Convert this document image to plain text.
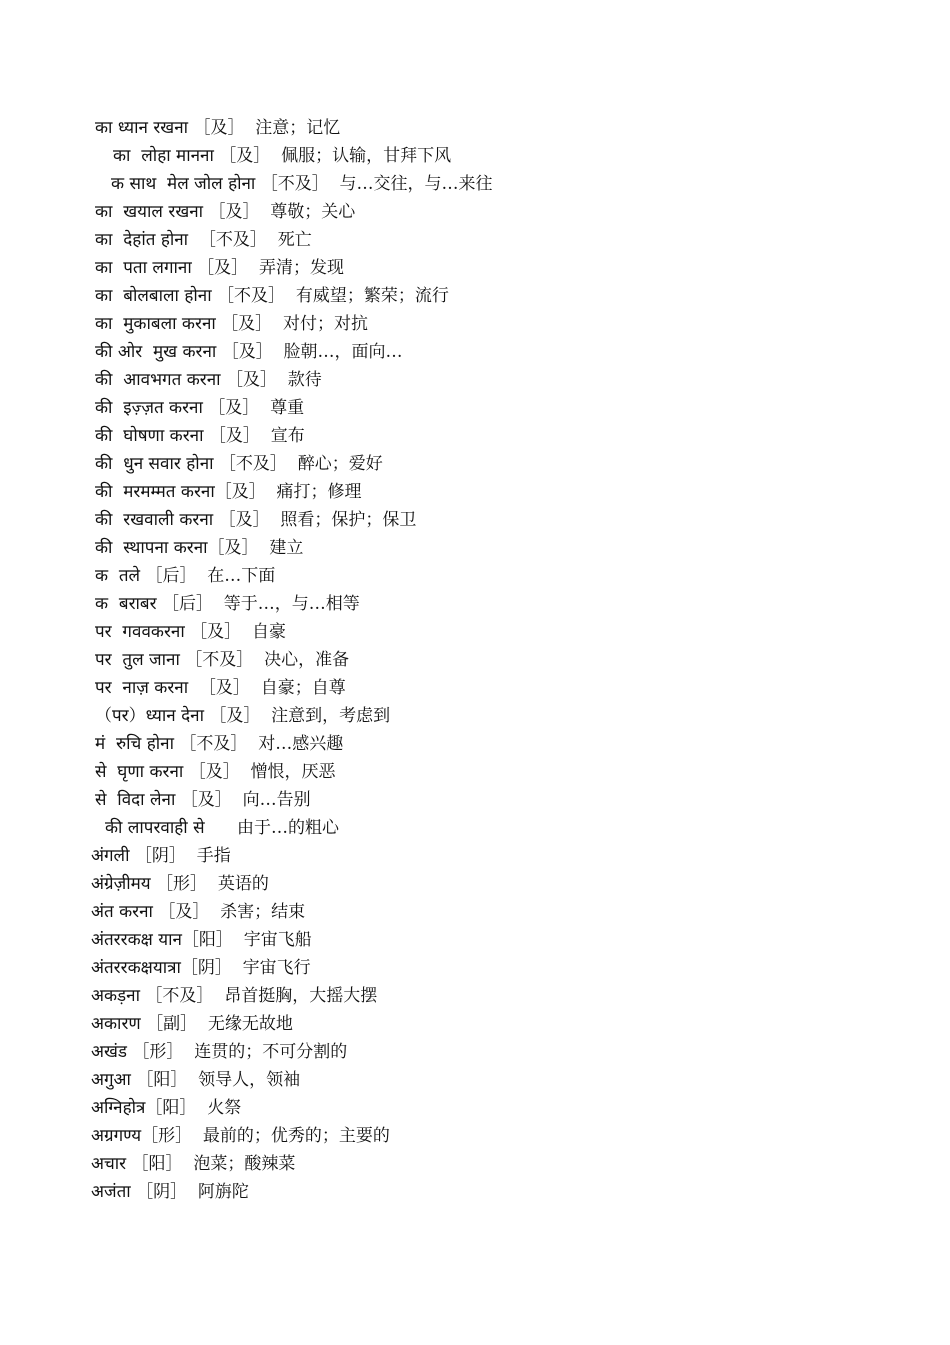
का ध्‍यान रखना ［及］  注意；记忆
का  लोहा मानना ［及］  佩服；认输，甘拜下风
क साथ  मेल जोल होना ［不及］  与…交往，与…来往
का  खयाल रखना ［及］  尊敬；关心
का  देहांत होना  ［不及］  死亡
का  पता लगाना ［及］  弄清；发现
का  बोलबाला होना ［不及］  有威望；繁荣；流行
का  मुकाबला करना ［及］  对付；对抗
की ओर  मुख करना ［及］  脸朝…，面向…
की  आवभगत करना ［及］  款待
की  इज़्ज़त करना ［及］  尊重
की  घोषणा करना ［及］  宣布
की  धुन सवार होना ［不及］  醉心；爱好
की  मरमम्‍मत करना［及］  痛打；修理
की  रखवाली करना ［及］  照看；保护；保卫
की  स्‍थापना करना［及］  建立
क  तले ［后］  在…下面
क  बराबर ［后］  等于…，与…相等
पर  गववकरना ［及］  自豪
पर  तुल जाना ［不及］  决心，准备
पर  नाज़ करना  ［及］  自豪；自尊
（पर）ध्‍यान देना ［及］  注意到，考虑到
मं  रुचि होना ［不及］  对…感兴趣
से  घृणा करना ［及］  憎恨，厌恶
से  विदा लेना ［及］  向…告别
की लापरवाही से      由于…的粗心
अंगली ［阴］  手指
अंग्रेज़ीमय ［形］  英语的
अंत करना ［及］  杀害；结束
अंतररकक्ष यान［阳］  宇宙飞船
अंतररकक्षयात्रा［阴］  宇宙飞行
अकड़ना ［不及］  昂首挺胸，大摇大摆
अकारण ［副］  无缘无故地
अखंड ［形］  连贯的；不可分割的
अगुआ ［阳］  领导人，领袖
अग्‍निहोत्र［阳］  火祭
अग्रगण्‍य［形］  最前的；优秀的；主要的
अचार ［阳］  泡菜；酸辣菜
अजंता ［阴］  阿旃陀
